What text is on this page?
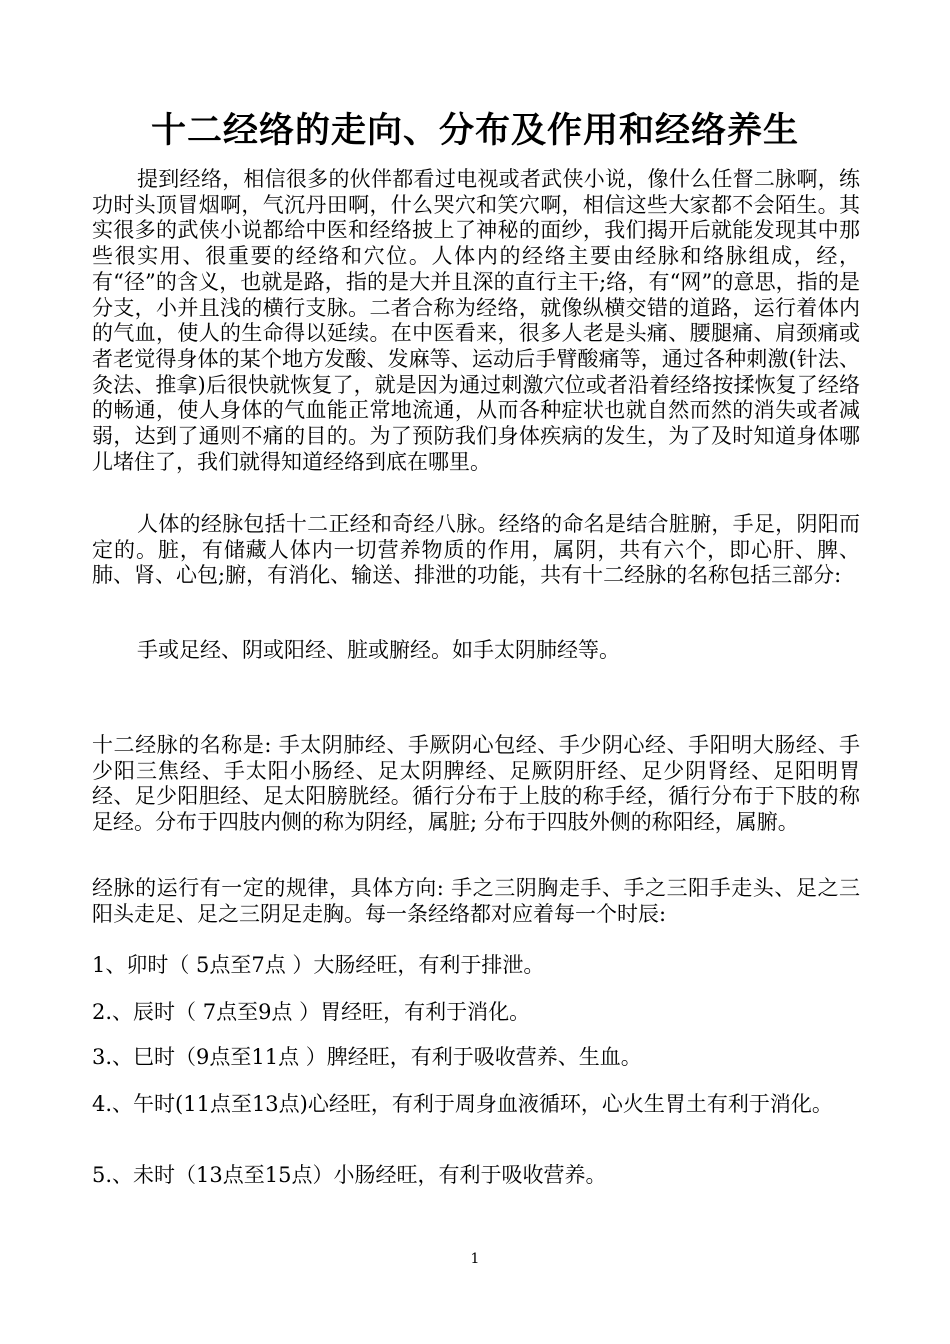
十二经络的走向、分布及作用和经络养生

提到经络，相信很多的伙伴都看过电视或者武侠小说，像什么任督二脉啊，练功时头顶冒烟啊，气沉丹田啊，什么哭穴和笑穴啊，相信这些大家都不会陌生。其实很多的武侠小说都给中医和经络披上了神秘的面纱，我们揭开后就能发现其中那些很实用、很重要的经络和穴位。人体内的经络主要由经脉和络脉组成，经，有“径”的含义，也就是路，指的是大并且深的直行主干;络，有“网”的意思，指的是分支，小并且浅的横行支脉。二者合称为经络，就像纵横交错的道路，运行着体内的气血，使人的生命得以延续。在中医看来，很多人老是头痛、腰腿痛、肩颈痛或者老觉得身体的某个地方发酸、发麻等、运动后手臂酸痛等，通过各种刺激(针法、灸法、推拿)后很快就恢复了，就是因为通过刺激穴位或者沿着经络按揉恢复了经络的畅通，使人身体的气血能正常地流通，从而各种症状也就自然而然的消失或者减弱，达到了通则不痛的目的。为了预防我们身体疾病的发生，为了及时知道身体哪儿堵住了，我们就得知道经络到底在哪里。

人体的经脉包括十二正经和奇经八脉。经络的命名是结合脏腑，手足，阴阳而定的。脏，有储藏人体内一切营养物质的作用，属阴，共有六个，即心肝、脾、肺、肾、心包;腑，有消化、输送、排泄的功能，共有十二经脉的名称包括三部分:

手或足经、阴或阳经、脏或腑经。如手太阴肺经等。

十二经脉的名称是: 手太阴肺经、手厥阴心包经、手少阴心经、手阳明大肠经、手少阳三焦经、手太阳小肠经、足太阴脾经、足厥阴肝经、足少阴肾经、足阳明胃经、足少阳胆经、足太阳膀胱经。循行分布于上肢的称手经，循行分布于下肢的称足经。分布于四肢内侧的称为阴经，属脏; 分布于四肢外侧的称阳经，属腑。

经脉的运行有一定的规律，具体方向: 手之三阴胸走手、手之三阳手走头、足之三阳头走足、足之三阴足走胸。每一条经络都对应着每一个时辰:

1、卯时（ 5点至7点 ）大肠经旺，有利于排泄。

2.、辰时（ 7点至9点 ）胃经旺，有利于消化。

3.、巳时（9点至11点 ）脾经旺，有利于吸收营养、生血。

4.、午时(11点至13点)心经旺，有利于周身血液循环，心火生胃土有利于消化。

5.、未时（13点至15点）小肠经旺，有利于吸收营养。

1
